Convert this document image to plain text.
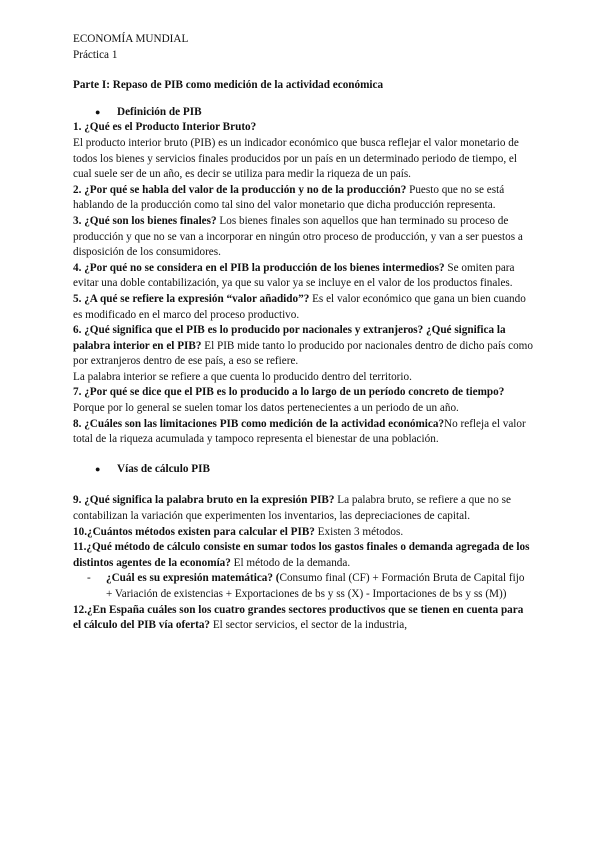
ECONOMÍA MUNDIAL
Práctica 1

Parte I: Repaso de PIB como medición de la actividad económica

●	Definición de PIB

1. ¿Qué es el Producto Interior Bruto?
El producto interior bruto (PIB) es un indicador económico que busca reflejar el valor monetario de todos los bienes y servicios finales producidos por un país en un determinado periodo de tiempo, el cual suele ser de un año, es decir se utiliza para medir la riqueza de un país.

2. ¿Por qué se habla del valor de la producción y no de la producción? Puesto que no se está hablando de la producción como tal sino del valor monetario que dicha producción representa.

3. ¿Qué son los bienes finales? Los bienes finales son aquellos que han terminado su proceso de producción y que no se van a incorporar en ningún otro proceso de producción, y van a ser puestos a disposición de los consumidores.

4. ¿Por qué no se considera en el PIB la producción de los bienes intermedios? Se omiten para evitar una doble contabilización, ya que su valor ya se incluye en el valor de los productos finales.

5. ¿A qué se refiere la expresión “valor añadido”? Es el valor económico que gana un bien cuando es modificado en el marco del proceso productivo.

6. ¿Qué significa que el PIB es lo producido por nacionales y extranjeros? ¿Qué significa la palabra interior en el PIB? El PIB mide tanto lo producido por nacionales dentro de dicho país como por extranjeros dentro de ese país, a eso se refiere.
La palabra interior se refiere a que cuenta lo producido dentro del territorio.

7. ¿Por qué se dice que el PIB es lo producido a lo largo de un período concreto de tiempo? Porque por lo general se suelen tomar los datos pertenecientes a un periodo de un año.

8. ¿Cuáles son las limitaciones PIB como medición de la actividad económica?No refleja el valor total de la riqueza acumulada y tampoco representa el bienestar de una población.

●	Vías de cálculo PIB

9. ¿Qué significa la palabra bruto en la expresión PIB? La palabra bruto, se refiere a que no se contabilizan la variación que experimenten los inventarios, las depreciaciones de capital.

10.¿Cuántos métodos existen para calcular el PIB? Existen 3 métodos.

11.¿Qué método de cálculo consiste en sumar todos los gastos finales o demanda agregada de los distintos agentes de la economía? El método de la demanda.

-	¿Cuál es su expresión matemática? (Consumo final (CF) + Formación Bruta de Capital fijo + Variación de existencias + Exportaciones de bs y ss (X) - Importaciones de bs y ss (M))

12.¿En España cuáles son los cuatro grandes sectores productivos que se tienen en cuenta para el cálculo del PIB vía oferta? El sector servicios, el sector de la industria,
